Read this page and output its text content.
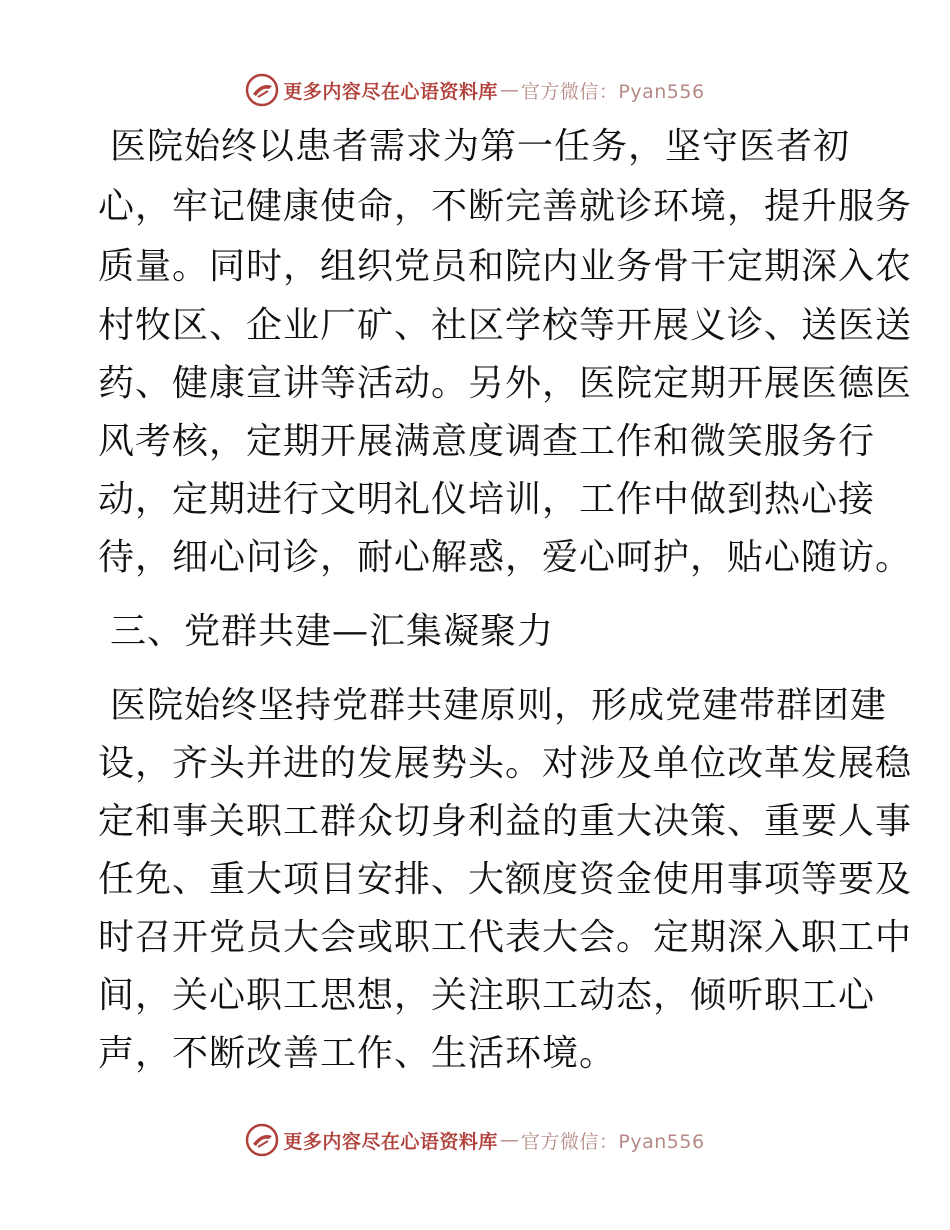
更多内容尽在心语资料库 — 官方微信：Pyan556
医院始终以患者需求为第一任务，坚守医者初
心，牢记健康使命，不断完善就诊环境，提升服务
质量。同时，组织党员和院内业务骨干定期深入农
村牧区、企业厂矿、社区学校等开展义诊、送医送
药、健康宣讲等活动。另外，医院定期开展医德医
风考核，定期开展满意度调查工作和微笑服务行
动，定期进行文明礼仪培训，工作中做到热心接
待，细心问诊，耐心解惑，爱心呵护，贴心随访。
三、党群共建—汇集凝聚力
医院始终坚持党群共建原则，形成党建带群团建
设，齐头并进的发展势头。对涉及单位改革发展稳
定和事关职工群众切身利益的重大决策、重要人事
任免、重大项目安排、大额度资金使用事项等要及
时召开党员大会或职工代表大会。定期深入职工中
间，关心职工思想，关注职工动态，倾听职工心
声，不断改善工作、生活环境。
更多内容尽在心语资料库 — 官方微信：Pyan556
